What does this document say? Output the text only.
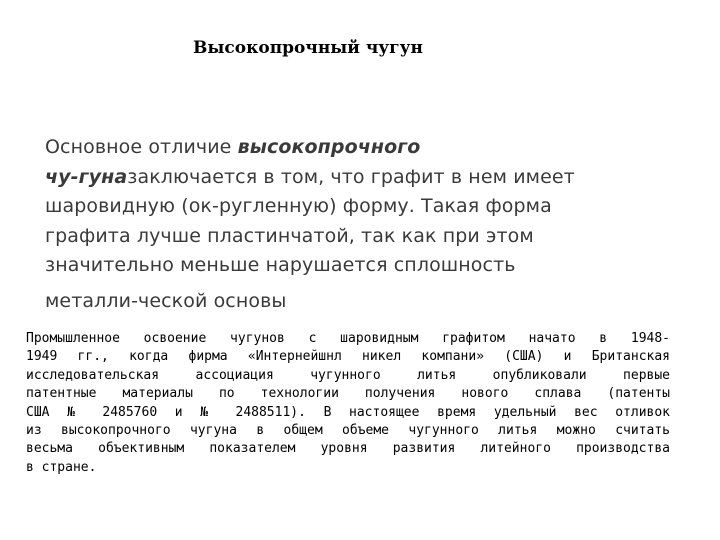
Высокопрочный чугун
Основное отличие высокопрочного
чу-гуназаключается в том, что графит в нем имеет
шаровидную (ок-ругленную) форму. Такая форма
графита лучше пластинчатой, так как при этом
значительно меньше нарушается сплошность
металли-ческой основы
Промышленное освоение чугунов с шаровидным графитом начато в 1948-
1949 гг., когда фирма «Интернейшнл никел компани» (США) и Британская
исследовательская ассоциация чугунного литья опубликовали первые
патентные материалы по технологии получения нового сплава (патенты
США № 2485760 и № 2488511). В настоящее время удельный вес отливок
из высокопрочного чугуна в общем объеме чугунного литья можно считать
весьма объективным показателем уровня развития литейного производства
в стране.
